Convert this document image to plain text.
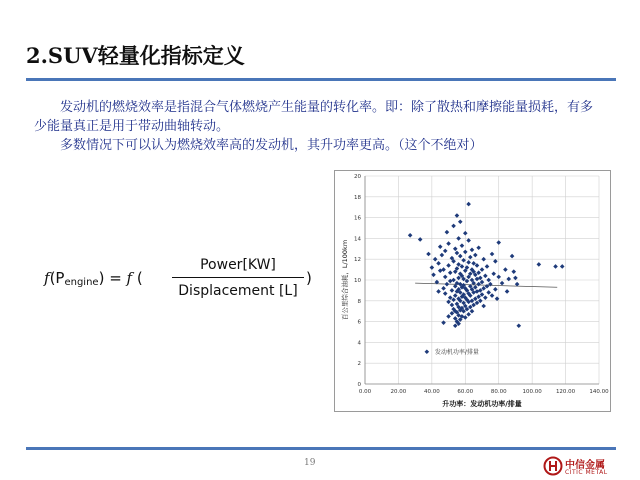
2.SUV轻量化指标定义
发动机的燃烧效率是指混合气体燃烧产生能量的转化率。即：除了散热和摩擦能量损耗，有多少能量真正是用于带动曲轴转动。
多数情况下可以认为燃烧效率高的发动机，其升功率更高。（这个不绝对）
$f(P_{engine}) = f$ (
Power[KW]
Displacement [L]
)
0
2
4
6
8
10
12
14
16
18
20
0.00	20.00	40.00	60.00	80.00	100.00	120.00	140.00
升功率：发动机功率/排量
百公里综合油耗，L/100km
发动机功率/排量
19	中信金属
CITIC METAL
